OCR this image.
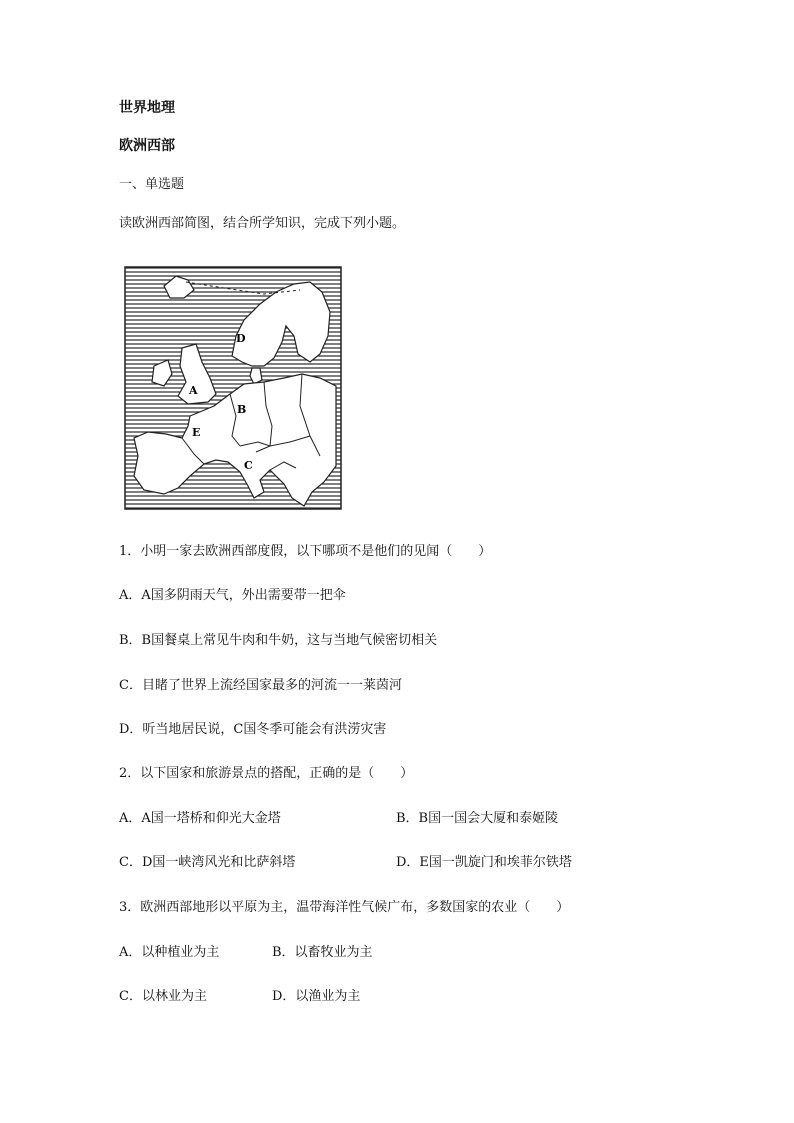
世界地理
欧洲西部
一、单选题
读欧洲西部简图，结合所学知识，完成下列小题。
D
A
B
E
C
1．小明一家去欧洲西部度假，以下哪项不是他们的见闻（　　）
A．A国多阴雨天气，外出需要带一把伞
B．B国餐桌上常见牛肉和牛奶，这与当地气候密切相关
C．目睹了世界上流经国家最多的河流一一莱茵河
D．听当地居民说，C国冬季可能会有洪涝灾害
2．以下国家和旅游景点的搭配，正确的是（　　）
A．A国一塔桥和仰光大金塔	B．B国一国会大厦和泰姬陵
C．D国一峡湾风光和比萨斜塔	D．E国一凯旋门和埃菲尔铁塔
3．欧洲西部地形以平原为主，温带海洋性气候广布，多数国家的农业（　　）
A．以种植业为主	B．以畜牧业为主
C．以林业为主	D．以渔业为主
